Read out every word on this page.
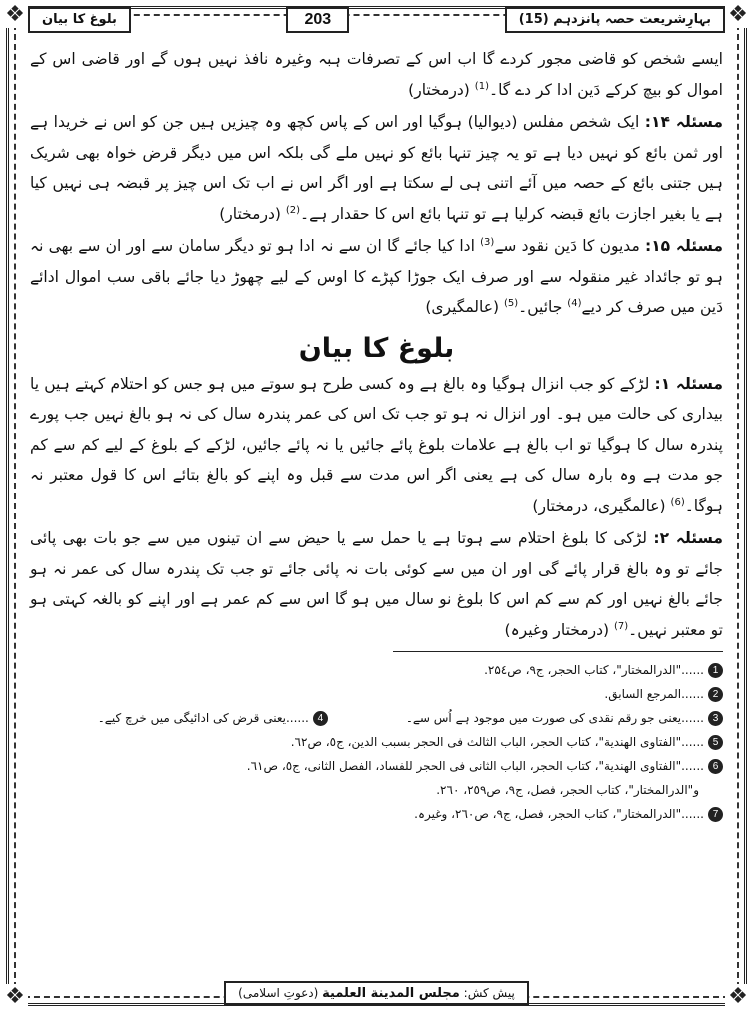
❖	❖
❖	❖
بہارِشریعت حصہ پانزدہم (15)
203
بلوغ کا بیان

ایسے شخص کو قاضی مجور کردے گا اب اس کے تصرفات ہبہ وغیرہ نافذ نہیں ہوں گے اور قاضی اس کے اموال کو بیچ کرکے دَین ادا کر دے گا۔$^{(1)}$ (درمختار)

مسئلہ ۱۴: ایک شخص مفلس (دیوالیا) ہوگیا اور اس کے پاس کچھ وہ چیزیں ہیں جن کو اس نے خریدا ہے اور ثمن بائع کو نہیں دیا ہے تو یہ چیز تنہا بائع کو نہیں ملے گی بلکہ اس میں دیگر قرض خواہ بھی شریک ہیں جتنی بائع کے حصہ میں آئے اتنی ہی لے سکتا ہے اور اگر اس نے اب تک اس چیز پر قبضہ ہی نہیں کیا ہے یا بغیر اجازت بائع قبضہ کرلیا ہے تو تنہا بائع اس کا حقدار ہے۔$^{(2)}$ (درمختار)

مسئلہ ۱۵: مدیون کا دَین نقود سے$^{(3)}$ ادا کیا جائے گا ان سے نہ ادا ہو تو دیگر سامان سے اور ان سے بھی نہ ہو تو جائداد غیر منقولہ سے اور صرف ایک جوڑا کپڑے کا اوس کے لیے چھوڑ دیا جائے باقی سب اموال ادائے دَین میں صرف کر دیے$^{(4)}$ جائیں۔$^{(5)}$ (عالمگیری)

بلوغ کا بیان

مسئلہ ۱: لڑکے کو جب انزال ہوگیا وہ بالغ ہے وہ کسی طرح ہو سوتے میں ہو جس کو احتلام کہتے ہیں یا بیداری کی حالت میں ہو۔ اور انزال نہ ہو تو جب تک اس کی عمر پندرہ سال کی نہ ہو بالغ نہیں جب پورے پندرہ سال کا ہوگیا تو اب بالغ ہے علامات بلوغ پائے جائیں یا نہ پائے جائیں، لڑکے کے بلوغ کے لیے کم سے کم جو مدت ہے وہ بارہ سال کی ہے یعنی اگر اس مدت سے قبل وہ اپنے کو بالغ بتائے اس کا قول معتبر نہ ہوگا۔$^{(6)}$ (عالمگیری، درمختار)

مسئلہ ۲: لڑکی کا بلوغ احتلام سے ہوتا ہے یا حمل سے یا حیض سے ان تینوں میں سے جو بات بھی پائی جائے تو وہ بالغ قرار پائے گی اور ان میں سے کوئی بات نہ پائی جائے تو جب تک پندرہ سال کی عمر نہ ہو جائے بالغ نہیں اور کم سے کم اس کا بلوغ نو سال میں ہو گا اس سے کم عمر ہے اور اپنے کو بالغہ کہتی ہو تو معتبر نہیں۔$^{(7)}$ (درمختار وغیرہ)

1
......"الدرالمختار"، کتاب الحجر، ج۹، ص۲۵٤.
2
......المرجع السابق.
3
......یعنی جو رقم نقدی کی صورت میں موجود ہے اُس سے۔
4
......یعنی قرض کی ادائیگی میں خرچ کیے۔
5
......"الفتاوی الهندیة"، کتاب الحجر، الباب الثالث فی الحجر بسبب الدین، ج٥، ص٦٢.
6
......"الفتاوی الهندیة"، کتاب الحجر، الباب الثانی فی الحجر للفساد، الفصل الثانی، ج٥، ص٦١.
و"الدرالمختار"، کتاب الحجر، فصل، ج۹، ص۲٥۹، ۲٦۰.
7
......"الدرالمختار"، کتاب الحجر، فصل، ج۹، ص۲٦۰، وغیرہ.
پیش کش: مجلس المدینة العلمیة (دعوتِ اسلامی)
